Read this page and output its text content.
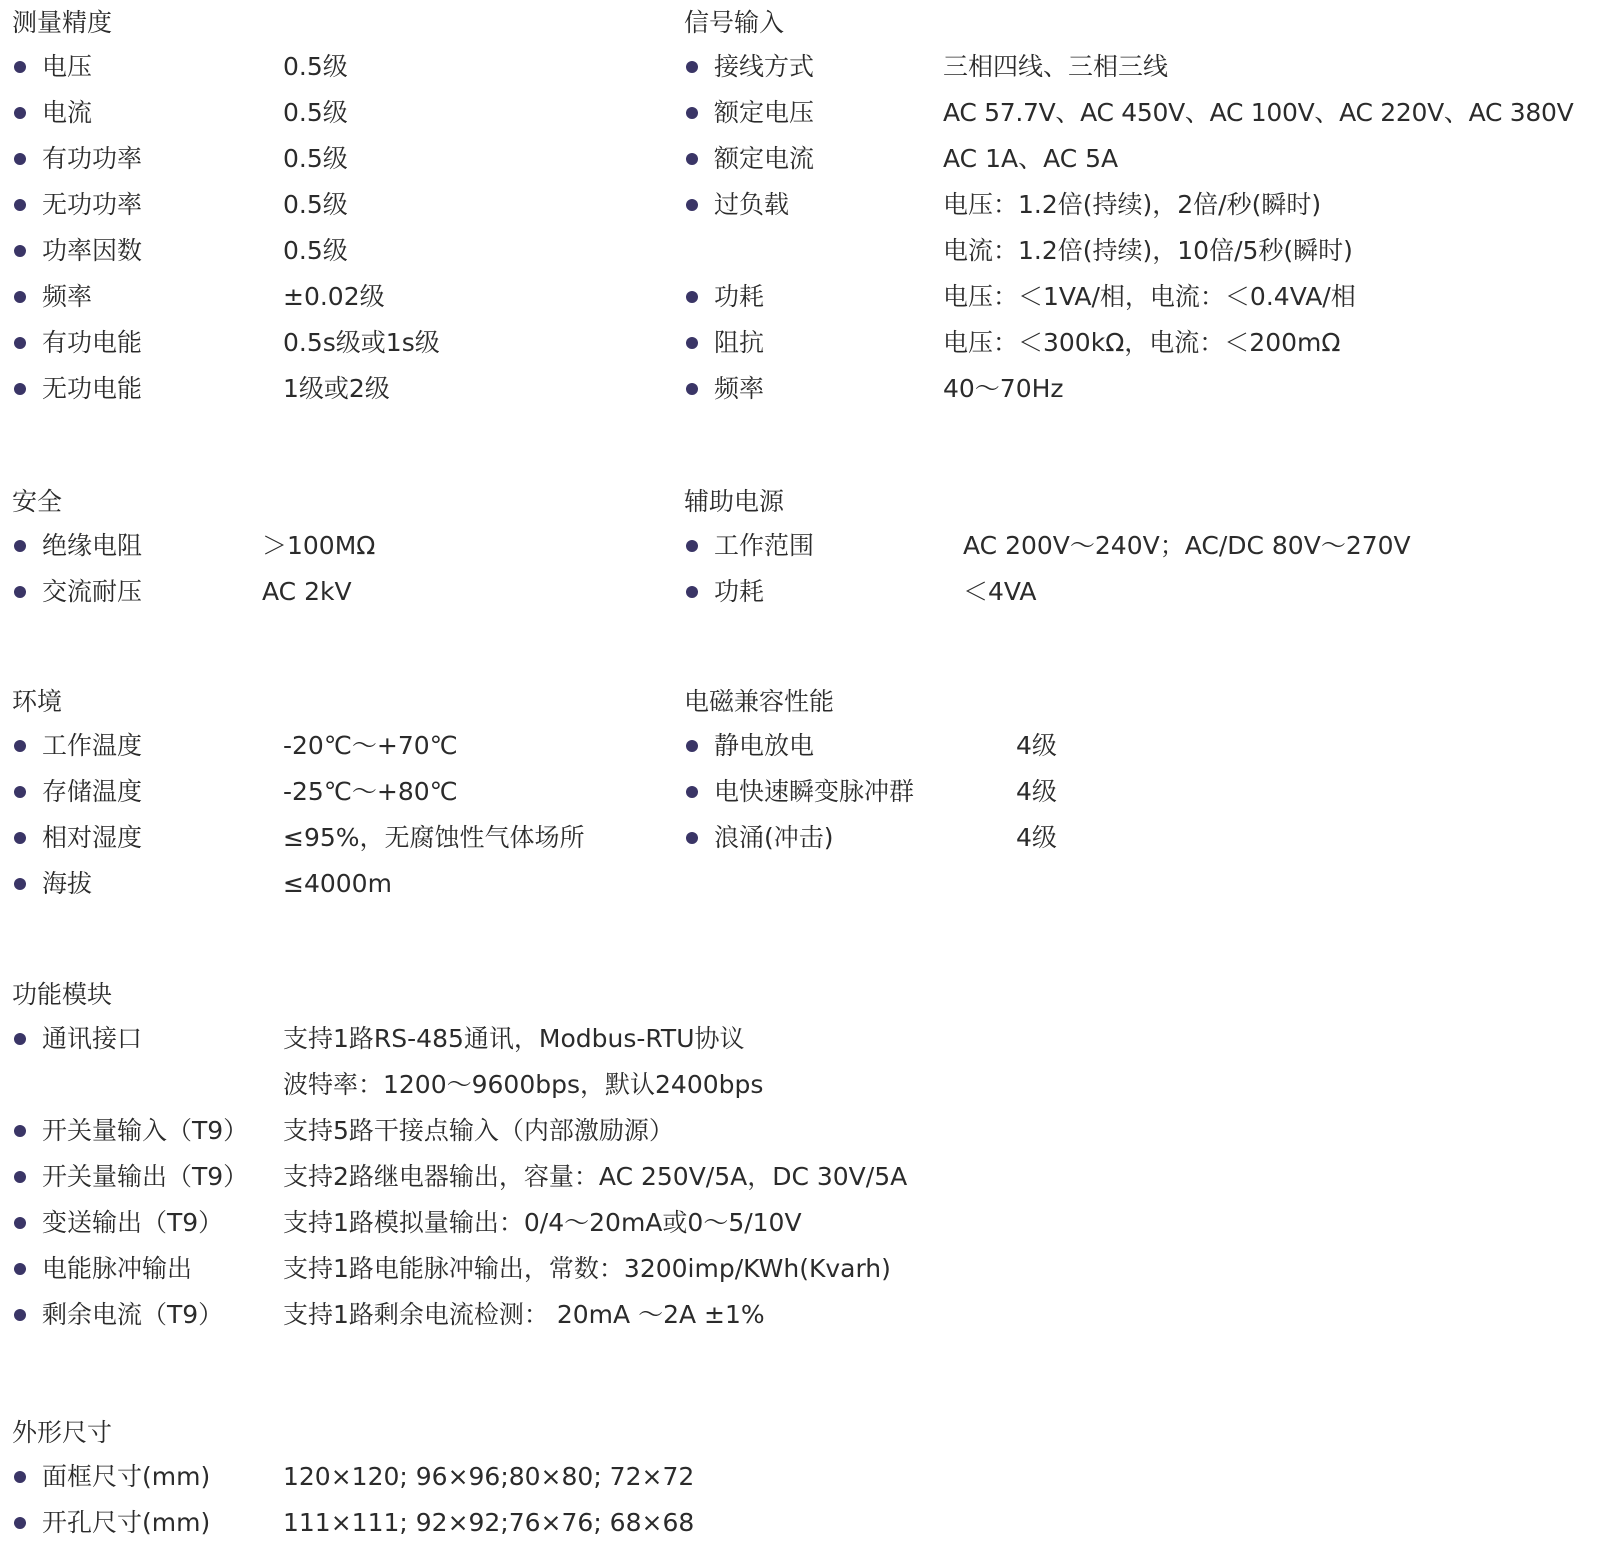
测量精度
电压	0.5级
电流	0.5级
有功功率	0.5级
无功功率	0.5级
功率因数	0.5级
频率	±0.02级
有功电能	0.5s级或1s级
无功电能	1级或2级
信号输入
接线方式	三相四线、三相三线
额定电压	AC 57.7V、AC 450V、AC 100V、AC 220V、AC 380V
额定电流	AC 1A、AC 5A
过负载	电压：1.2倍(持续)，2倍/秒(瞬时)
电流：1.2倍(持续)，10倍/5秒(瞬时)
功耗	电压：＜1VA/相，电流：＜0.4VA/相
阻抗	电压：＜300kΩ，电流：＜200mΩ
频率	40～70Hz
安全
绝缘电阻	＞100MΩ
交流耐压	AC 2kV
辅助电源
工作范围	AC 200V～240V；AC/DC 80V～270V
功耗	＜4VA
环境
工作温度	-20℃～+70℃
存储温度	-25℃～+80℃
相对湿度	≤95%，无腐蚀性气体场所
海拔	≤4000m
电磁兼容性能
静电放电	4级
电快速瞬变脉冲群	4级
浪涌(冲击)	4级
功能模块
通讯接口	支持1路RS-485通讯，Modbus-RTU协议
波特率：1200～9600bps，默认2400bps
开关量输入（T9） 支持5路干接点输入（内部激励源）
开关量输出（T9） 支持2路继电器输出，容量：AC 250V/5A，DC 30V/5A
变送输出（T9） 支持1路模拟量输出：0/4～20mA或0～5/10V
电能脉冲输出	支持1路电能脉冲输出，常数：3200imp/KWh(Kvarh)
剩余电流（T9） 支持1路剩余电流检测： 20mA ～2A ±1%
外形尺寸
面框尺寸(mm)	120×120; 96×96;80×80; 72×72
开孔尺寸(mm)	111×111; 92×92;76×76; 68×68
